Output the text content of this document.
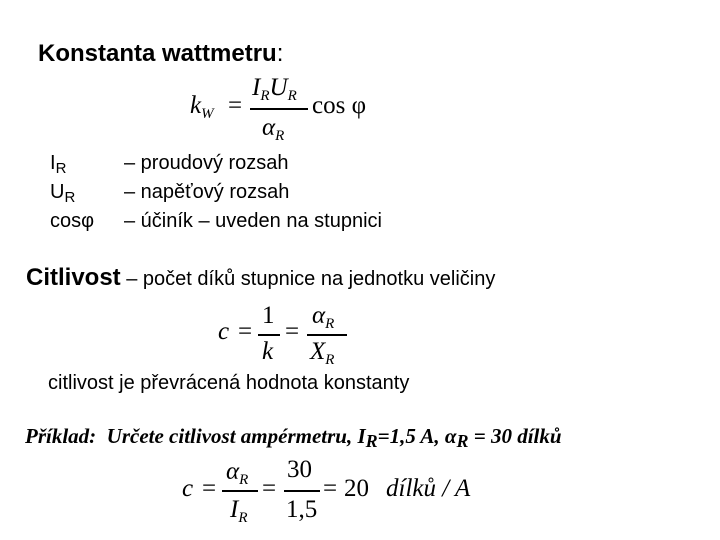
Konstanta wattmetru:
$k_W$ =
$I_RU_R$
$\alpha_R$
cos φ
$I_R$	– proudový rozsah
$U_R$ – napěťový rozsah
cosφ – účiník – uveden na stupnici
Citlivost – počet díků stupnice na jednotku veličiny
c =
1
k
=
$\alpha_R$
$X_R$
citlivost je převrácená hodnota konstanty
Příklad: Určete citlivost ampérmetru, IR=1,5 A, αR = 30 dílků
c =
$\alpha_R$
$I_R$
=
30
1,5
= 20 dílků / A
